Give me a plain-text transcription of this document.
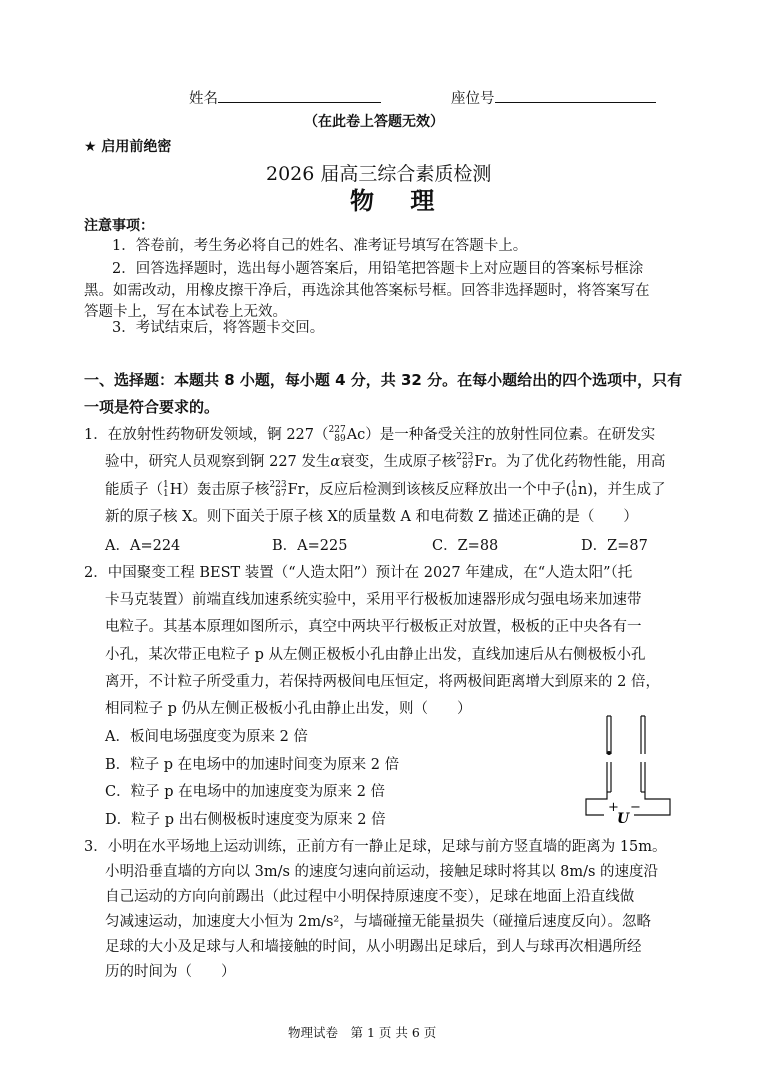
姓名	座位号
（在此卷上答题无效）
★ 启用前绝密
2026 届高三综合素质检测
物 理
注意事项：
1．答卷前，考生务必将自己的姓名、准考证号填写在答题卡上。
2．回答选择题时，选出每小题答案后，用铅笔把答题卡上对应题目的答案标号框涂
黑。如需改动，用橡皮擦干净后，再选涂其他答案标号框。回答非选择题时，将答案写在
答题卡上，写在本试卷上无效。
3．考试结束后，将答题卡交回。
一、选择题：本题共 8 小题，每小题 4 分，共 32 分。在每小题给出的四个选项中，只有
一项是符合要求的。
1．在放射性药物研发领域，锕 227（ 227
89 Ac）是一种备受关注的放射性同位素。在研发实
验中，研究人员观察到锕 227 发生α衰变，生成原子核 223
87 Fr。为了优化药物性能，用高
能质子（ 1
1 H）轰击原子核 223
87 Fr，反应后检测到该核反应释放出一个中子( 1
0 n)，并生成了
新的原子核 X。则下面关于原子核 X的质量数 A 和电荷数 Z 描述正确的是（　　）
A．A=224	B．A=225	C．Z=88	D．Z=87
2．中国聚变工程 BEST 装置（“人造太阳”）预计在 2027 年建成，在“人造太阳”（托
卡马克装置）前端直线加速系统实验中，采用平行极板加速器形成匀强电场来加速带
电粒子。其基本原理如图所示，真空中两块平行极板正对放置，极板的正中央各有一
小孔，某次带正电粒子 p 从左侧正极板小孔由静止出发，直线加速后从右侧极板小孔
离开，不计粒子所受重力，若保持两极间电压恒定，将两极间距离增大到原来的 2 倍，
相同粒子 p 仍从左侧正极板小孔由静止出发，则（　　）
A．板间电场强度变为原来 2 倍
B．粒子 p 在电场中的加速时间变为原来 2 倍
C．粒子 p 在电场中的加速度变为原来 2 倍
D．粒子 p 出右侧极板时速度变为原来 2 倍
+ −
U
3．小明在水平场地上运动训练，正前方有一静止足球，足球与前方竖直墙的距离为 15m。
小明沿垂直墙的方向以 3m/s 的速度匀速向前运动，接触足球时将其以 8m/s 的速度沿
自己运动的方向向前踢出（此过程中小明保持原速度不变），足球在地面上沿直线做
匀减速运动，加速度大小恒为 2m/s²，与墙碰撞无能量损失（碰撞后速度反向）。忽略
足球的大小及足球与人和墙接触的时间，从小明踢出足球后，到人与球再次相遇所经
历的时间为（　　）
物理试卷　第 1 页 共 6 页
